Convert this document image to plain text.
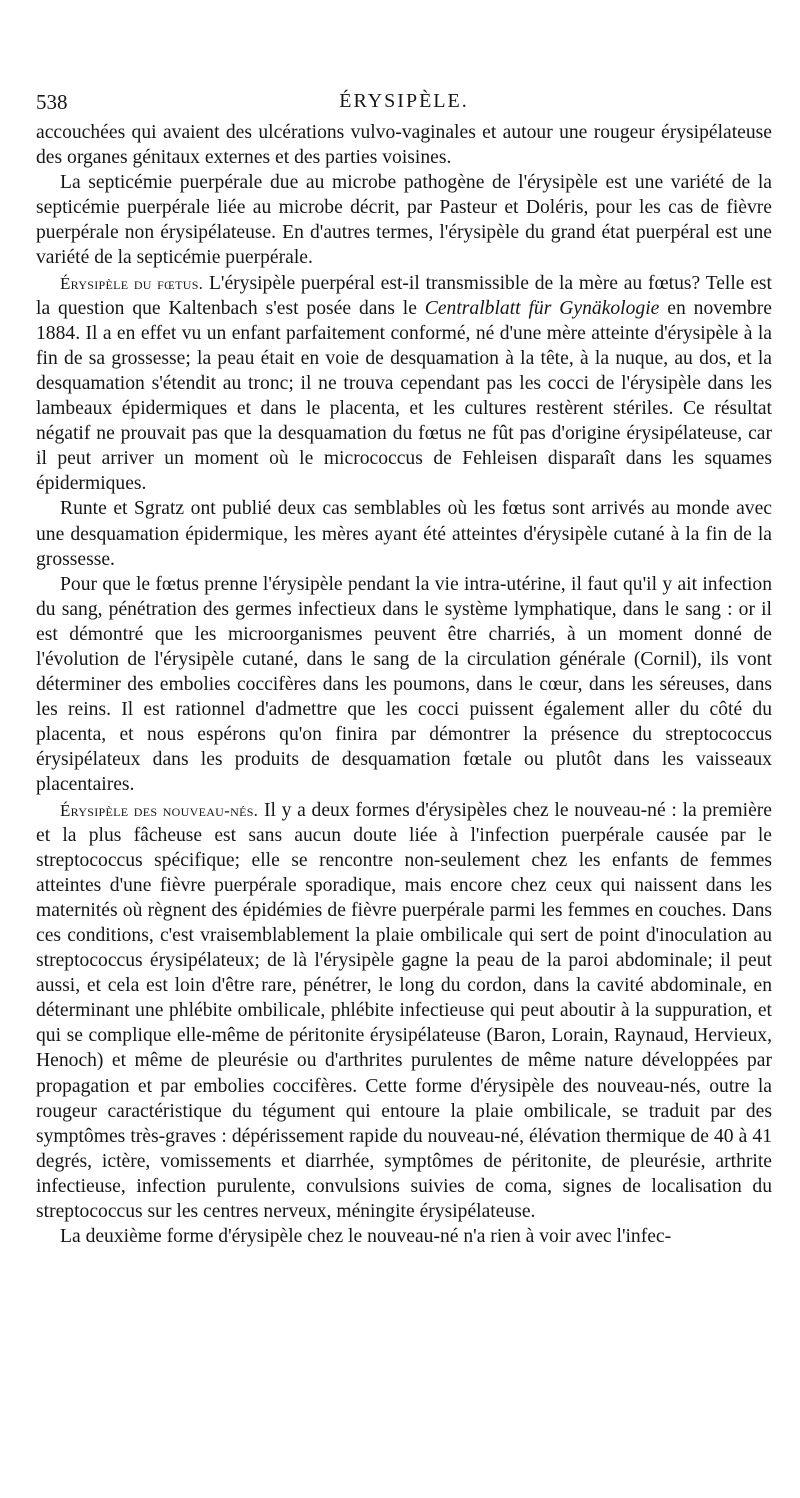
538	ÉRYSIPÈLE.

accouchées qui avaient des ulcérations vulvo-vaginales et autour une rougeur érysipélateuse des organes génitaux externes et des parties voisines.

La septicémie puerpérale due au microbe pathogène de l'érysipèle est une variété de la septicémie puerpérale liée au microbe décrit, par Pasteur et Doléris, pour les cas de fièvre puerpérale non érysipélateuse. En d'autres termes, l'érysipèle du grand état puerpéral est une variété de la septicémie puerpérale.

Érysipèle du fœtus. L'érysipèle puerpéral est-il transmissible de la mère au fœtus? Telle est la question que Kaltenbach s'est posée dans le Centralblatt für Gynäkologie en novembre 1884. Il a en effet vu un enfant parfaitement conformé, né d'une mère atteinte d'érysipèle à la fin de sa grossesse; la peau était en voie de desquamation à la tête, à la nuque, au dos, et la desquamation s'étendit au tronc; il ne trouva cependant pas les cocci de l'érysipèle dans les lambeaux épidermiques et dans le placenta, et les cultures restèrent stériles. Ce résultat négatif ne prouvait pas que la desquamation du fœtus ne fût pas d'origine érysipélateuse, car il peut arriver un moment où le micrococcus de Fehleisen disparaît dans les squames épidermiques.

Runte et Sgratz ont publié deux cas semblables où les fœtus sont arrivés au monde avec une desquamation épidermique, les mères ayant été atteintes d'érysipèle cutané à la fin de la grossesse.

Pour que le fœtus prenne l'érysipèle pendant la vie intra-utérine, il faut qu'il y ait infection du sang, pénétration des germes infectieux dans le système lymphatique, dans le sang : or il est démontré que les microorganismes peuvent être charriés, à un moment donné de l'évolution de l'érysipèle cutané, dans le sang de la circulation générale (Cornil), ils vont déterminer des embolies coccifères dans les poumons, dans le cœur, dans les séreuses, dans les reins. Il est rationnel d'admettre que les cocci puissent également aller du côté du placenta, et nous espérons qu'on finira par démontrer la présence du streptococcus érysipélateux dans les produits de desquamation fœtale ou plutôt dans les vaisseaux placentaires.

Érysipèle des nouveau-nés. Il y a deux formes d'érysipèles chez le nouveau-né : la première et la plus fâcheuse est sans aucun doute liée à l'infection puerpérale causée par le streptococcus spécifique; elle se rencontre non-seulement chez les enfants de femmes atteintes d'une fièvre puerpérale sporadique, mais encore chez ceux qui naissent dans les maternités où règnent des épidémies de fièvre puerpérale parmi les femmes en couches. Dans ces conditions, c'est vraisemblablement la plaie ombilicale qui sert de point d'inoculation au streptococcus érysipélateux; de là l'érysipèle gagne la peau de la paroi abdominale; il peut aussi, et cela est loin d'être rare, pénétrer, le long du cordon, dans la cavité abdominale, en déterminant une phlébite ombilicale, phlébite infectieuse qui peut aboutir à la suppuration, et qui se complique elle-même de péritonite érysipélateuse (Baron, Lorain, Raynaud, Hervieux, Henoch) et même de pleurésie ou d'arthrites purulentes de même nature développées par propagation et par embolies coccifères. Cette forme d'érysipèle des nouveau-nés, outre la rougeur caractéristique du tégument qui entoure la plaie ombilicale, se traduit par des symptômes très-graves : dépérissement rapide du nouveau-né, élévation thermique de 40 à 41 degrés, ictère, vomissements et diarrhée, symptômes de péritonite, de pleurésie, arthrite infectieuse, infection purulente, convulsions suivies de coma, signes de localisation du streptococcus sur les centres nerveux, méningite érysipélateuse.

La deuxième forme d'érysipèle chez le nouveau-né n'a rien à voir avec l'infec-
